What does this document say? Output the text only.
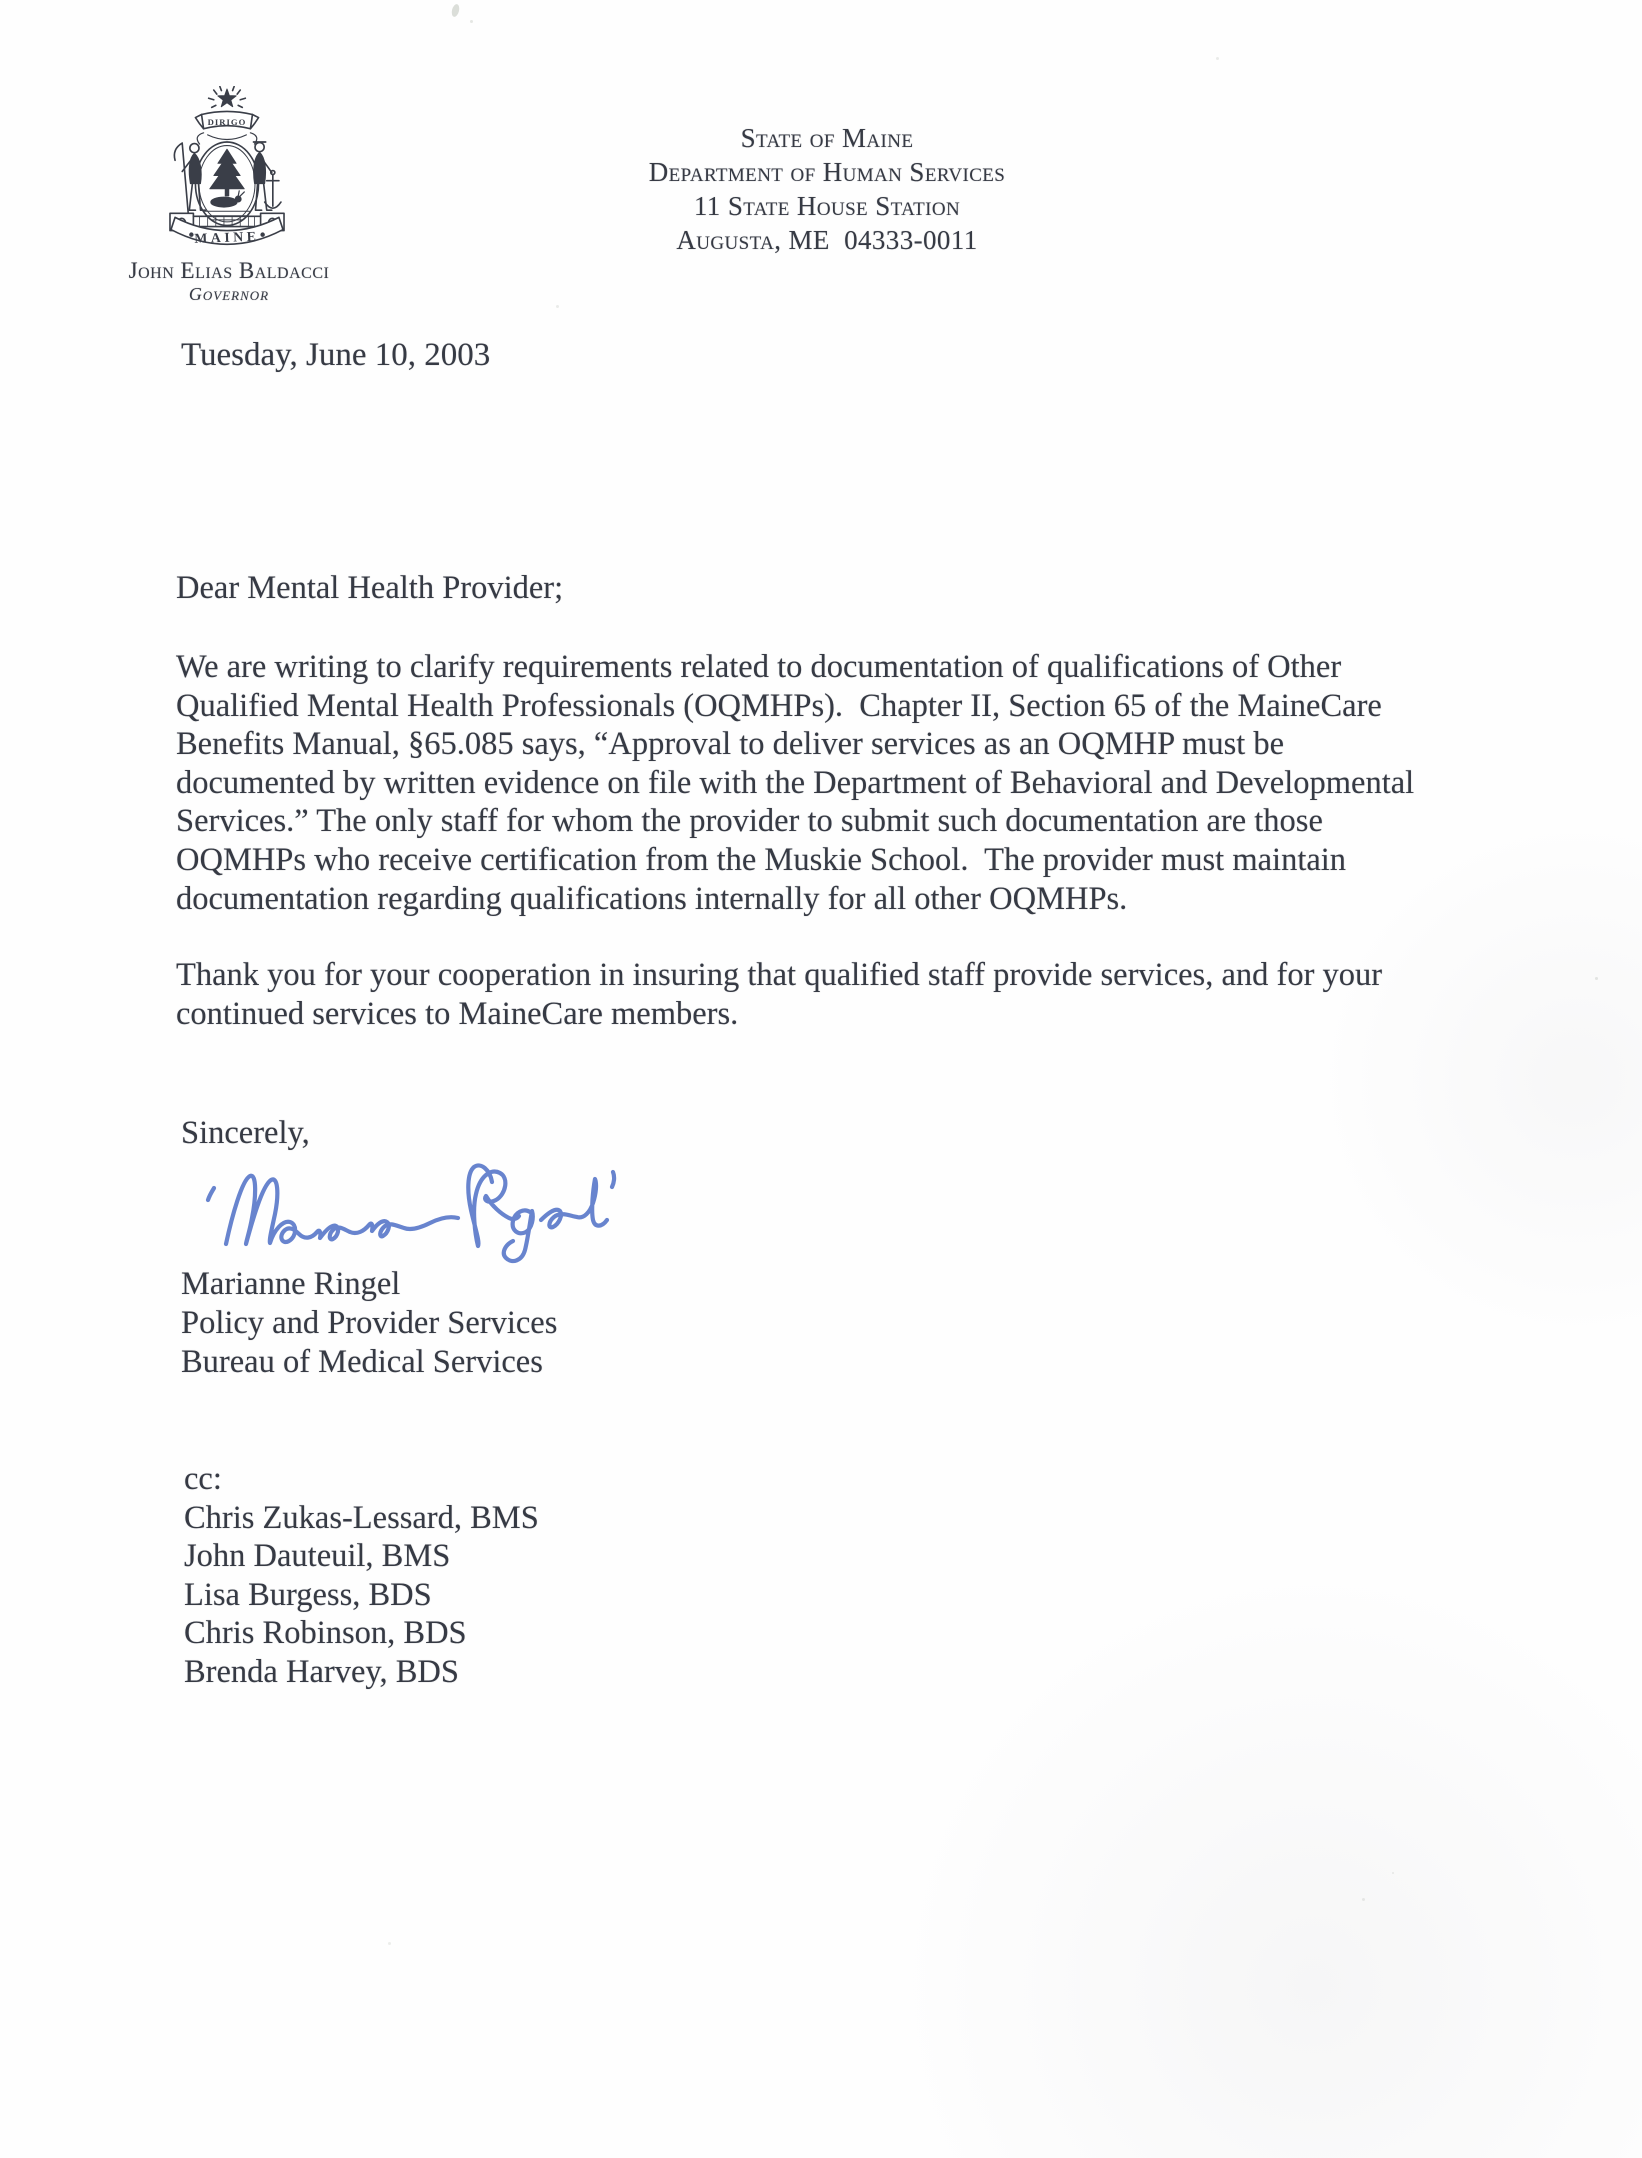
DIRIGO
MAINE
John Elias Baldacci
Governor
State of Maine
Department of Human Services
11 State House Station
Augusta, ME  04333-0011
Tuesday, June 10, 2003
Dear Mental Health Provider;
We are writing to clarify requirements related to documentation of qualifications of Other
Qualified Mental Health Professionals (OQMHPs).  Chapter II, Section 65 of the MaineCare
Benefits Manual, §65.085 says, “Approval to deliver services as an OQMHP must be
documented by written evidence on file with the Department of Behavioral and Developmental
Services.” The only staff for whom the provider to submit such documentation are those
OQMHPs who receive certification from the Muskie School.  The provider must maintain
documentation regarding qualifications internally for all other OQMHPs.
Thank you for your cooperation in insuring that qualified staff provide services, and for your
continued services to MaineCare members.
Sincerely,
Marianne Ringel
Policy and Provider Services
Bureau of Medical Services
cc:
Chris Zukas-Lessard, BMS
John Dauteuil, BMS
Lisa Burgess, BDS
Chris Robinson, BDS
Brenda Harvey, BDS
